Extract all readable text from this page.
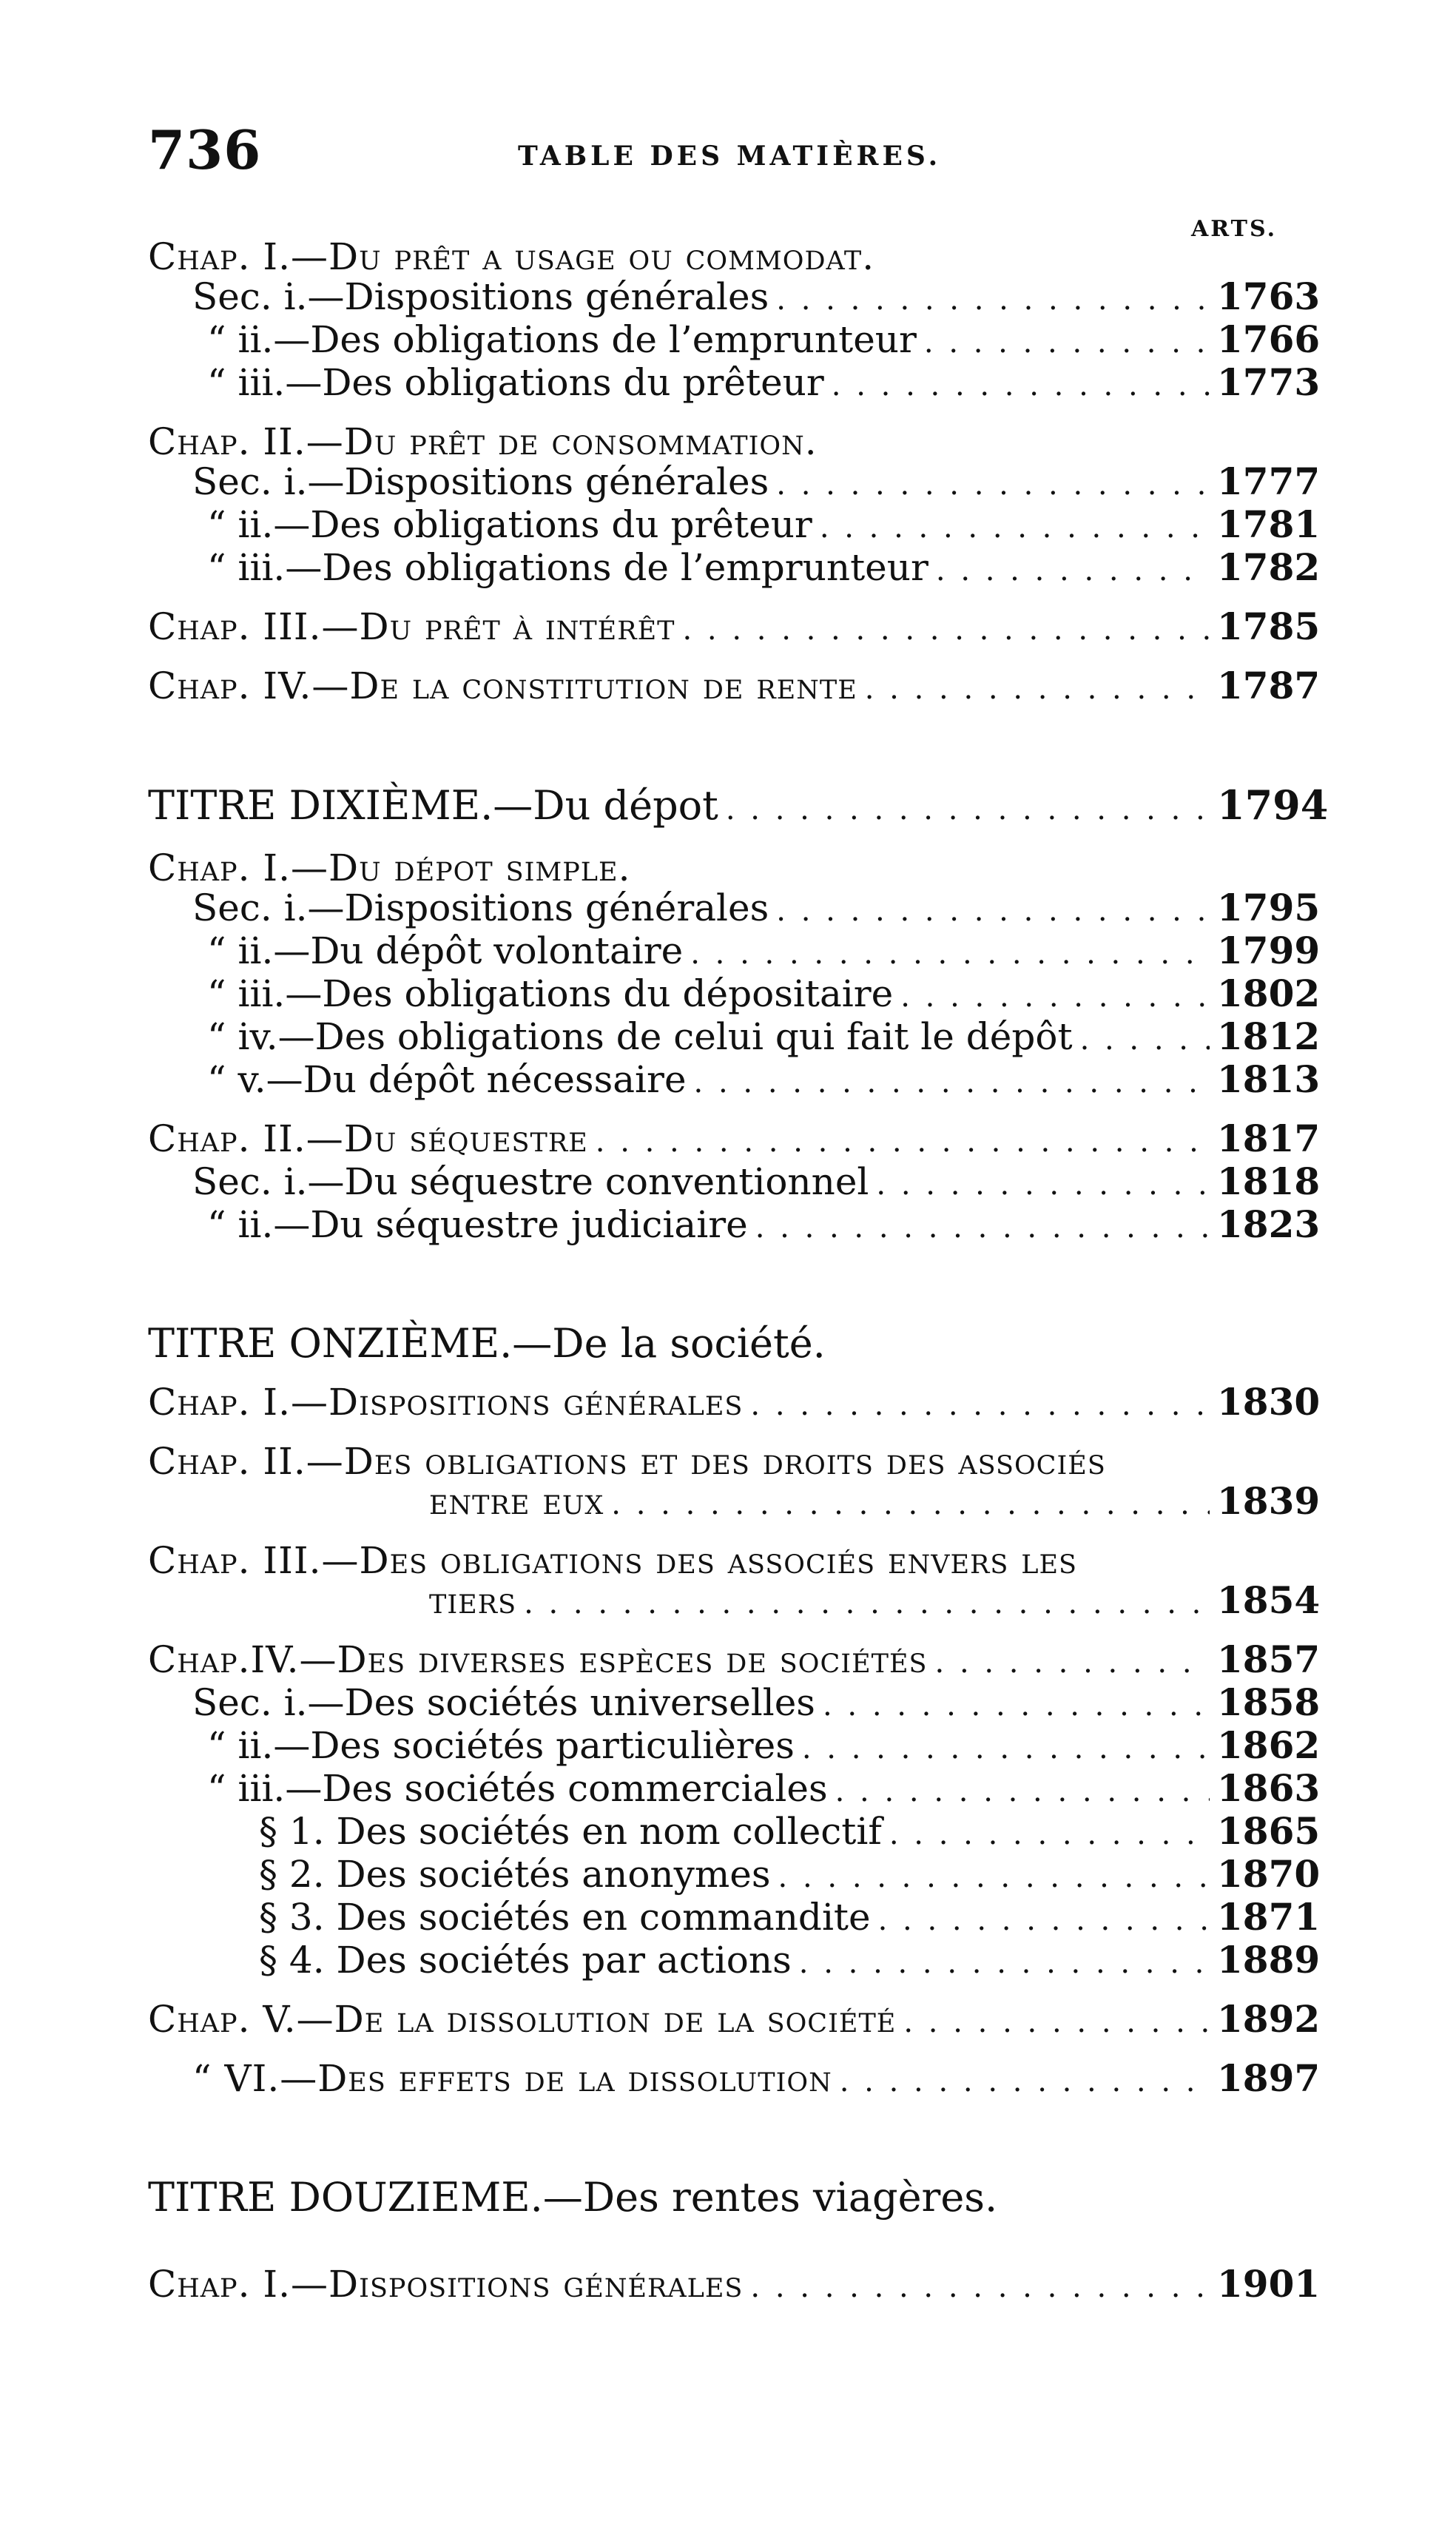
736	TABLE DES MATIÈRES.
ARTS.
Chap. I.—Du prêt a usage ou commodat.
Sec. i.—Dispositions générales . . .	1763
“ ii.—Des obligations de l’emprunteur . . .	1766
“ iii.—Des obligations du prêteur . . .	1773
Chap. II.—Du prêt de consommation.
Sec. i.—Dispositions générales . . .	1777
“ ii.—Des obligations du prêteur . . .	1781
“ iii.—Des obligations de l’emprunteur . . .	1782
Chap. III.—Du prêt à intérêt . . .	1785
Chap. IV.—De la constitution de rente . . .	1787
TITRE DIXIÈME.—Du dépot . . .	1794
Chap. I.—Du dépot simple.
Sec. i.—Dispositions générales . . .	1795
“ ii.—Du dépôt volontaire . . .	1799
“ iii.—Des obligations du dépositaire . . .	1802
“ iv.—Des obligations de celui qui fait le dépôt . . .	1812
“ v.—Du dépôt nécessaire . . .	1813
Chap. II.—Du séquestre . . .	1817
Sec. i.—Du séquestre conventionnel . . .	1818
“ ii.—Du séquestre judiciaire . . .	1823
TITRE ONZIÈME.—De la société.
Chap. I.—Dispositions générales . . .	1830
Chap. II.—Des obligations et des droits des associés
entre eux . . .	1839
Chap. III.—Des obligations des associés envers les
tiers . . .	1854
Chap.IV.—Des diverses espèces de sociétés . . .	1857
Sec. i.—Des sociétés universelles . . .	1858
“ ii.—Des sociétés particulières . . .	1862
“ iii.—Des sociétés commerciales . . .	1863
§ 1. Des sociétés en nom collectif . . .	1865
§ 2. Des sociétés anonymes . . .	1870
§ 3. Des sociétés en commandite . . .	1871
§ 4. Des sociétés par actions . . .	1889
Chap. V.—De la dissolution de la société . . .	1892
“ VI.—Des effets de la dissolution . . .	1897
TITRE DOUZIEME.—Des rentes viagères.
Chap. I.—Dispositions générales . . .	1901
